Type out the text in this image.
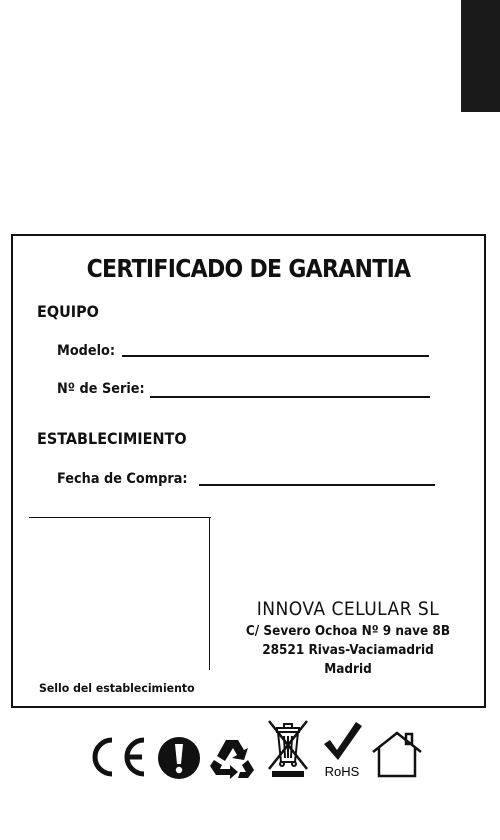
CERTIFICADO DE GARANTIA
EQUIPO
Modelo:
Nº de Serie:
ESTABLECIMIENTO
Fecha de Compra:
Sello del establecimiento
INNOVA CELULAR SL
C/ Severo Ochoa Nº 9 nave 8B
28521 Rivas-Vaciamadrid
Madrid
RoHS
